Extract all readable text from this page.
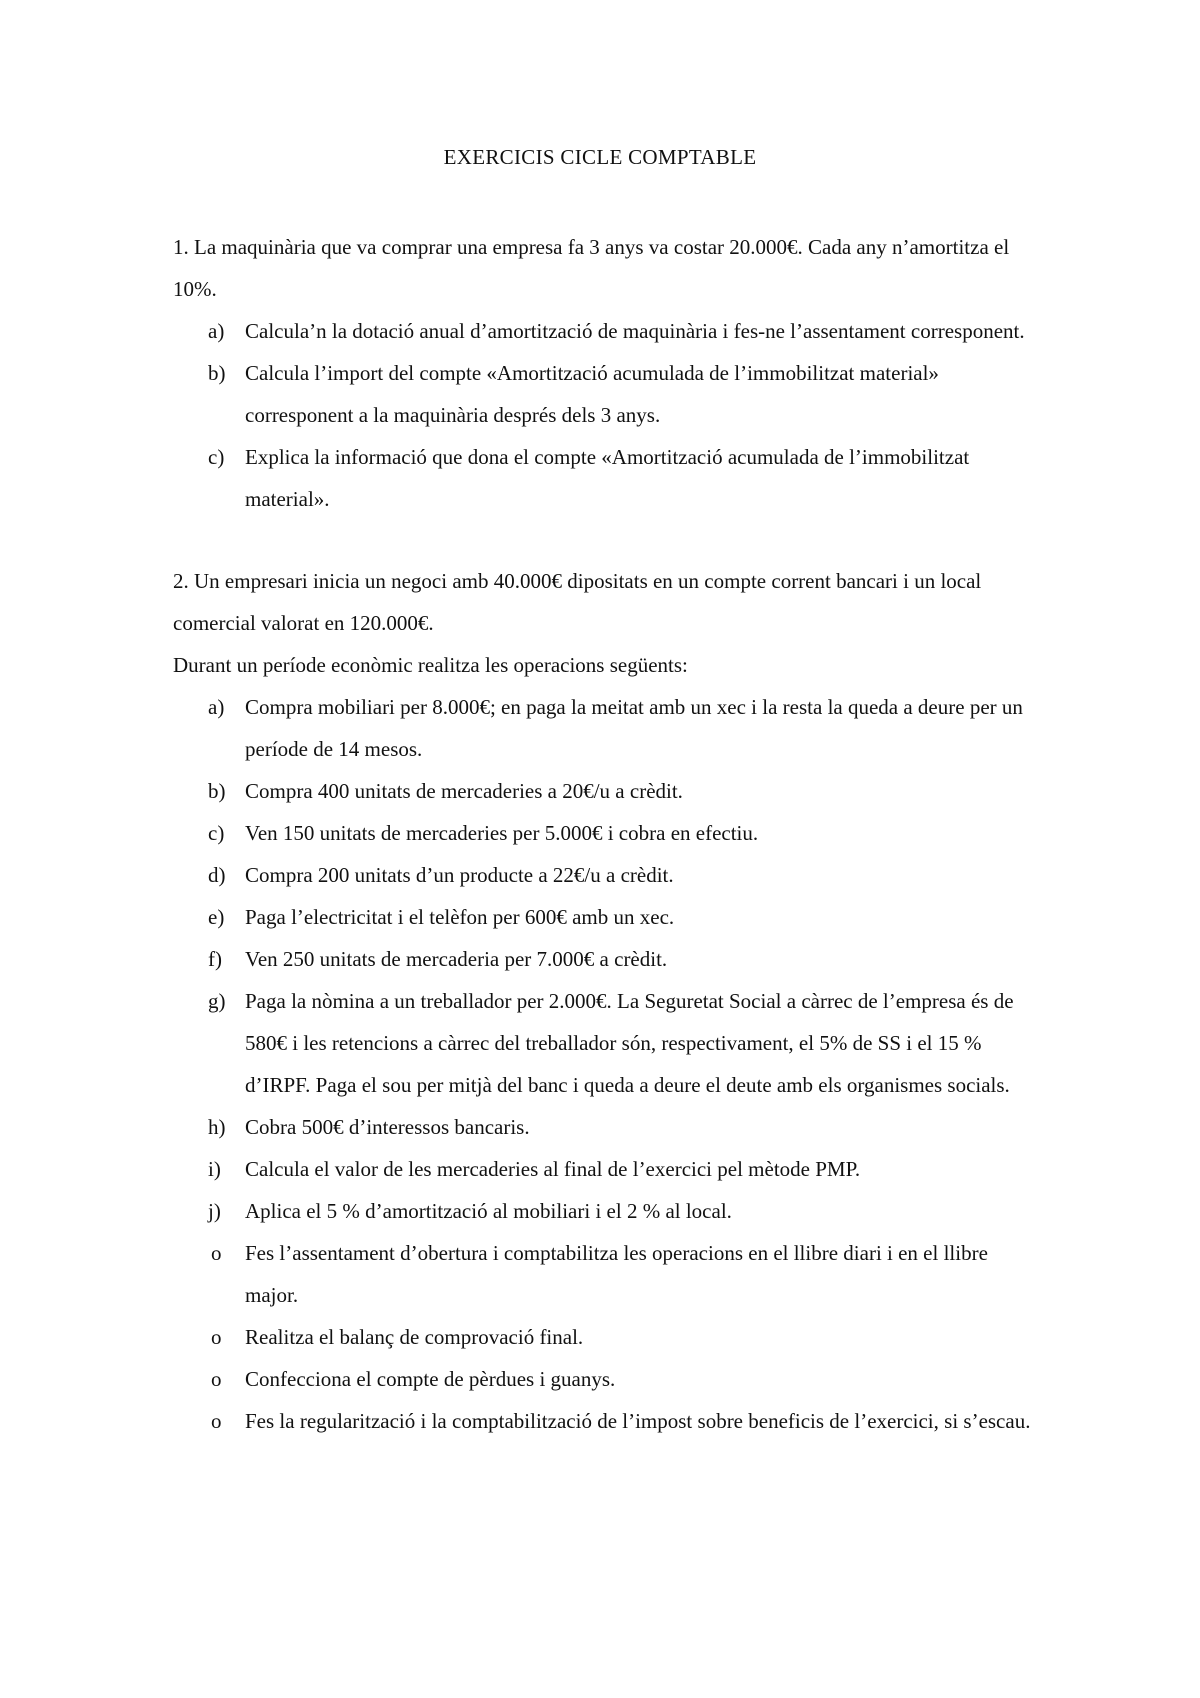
EXERCICIS CICLE COMPTABLE

1. La maquinària que va comprar una empresa fa 3 anys va costar 20.000€. Cada any n’amortitza el 10%.

a) Calcula’n la dotació anual d’amortització de maquinària i fes-ne l’assentament corresponent.
b) Calcula l’import del compte «Amortització acumulada de l’immobilitzat material» corresponent a la maquinària després dels 3 anys.
c) Explica la informació que dona el compte «Amortització acumulada de l’immobilitzat material».

2. Un empresari inicia un negoci amb 40.000€ dipositats en un compte corrent bancari i un local comercial valorat en 120.000€.

Durant un període econòmic realitza les operacions següents:

a) Compra mobiliari per 8.000€; en paga la meitat amb un xec i la resta la queda a deure per un període de 14 mesos.
b) Compra 400 unitats de mercaderies a 20€/u a crèdit.
c) Ven 150 unitats de mercaderies per 5.000€ i cobra en efectiu.
d) Compra 200 unitats d’un producte a 22€/u a crèdit.
e) Paga l’electricitat i el telèfon per 600€ amb un xec.
f) Ven 250 unitats de mercaderia per 7.000€ a crèdit.
g) Paga la nòmina a un treballador per 2.000€. La Seguretat Social a càrrec de l’empresa és de 580€ i les retencions a càrrec del treballador són, respectivament, el 5% de SS i el 15 % d’IRPF. Paga el sou per mitjà del banc i queda a deure el deute amb els organismes socials.
h) Cobra 500€ d’interessos bancaris.
i) Calcula el valor de les mercaderies al final de l’exercici pel mètode PMP.
j) Aplica el 5 % d’amortització al mobiliari i el 2 % al local.
o Fes l’assentament d’obertura i comptabilitza les operacions en el llibre diari i en el llibre major.
o Realitza el balanç de comprovació final.
o Confecciona el compte de pèrdues i guanys.
o Fes la regularització i la comptabilització de l’impost sobre beneficis de l’exercici, si s’escau.
